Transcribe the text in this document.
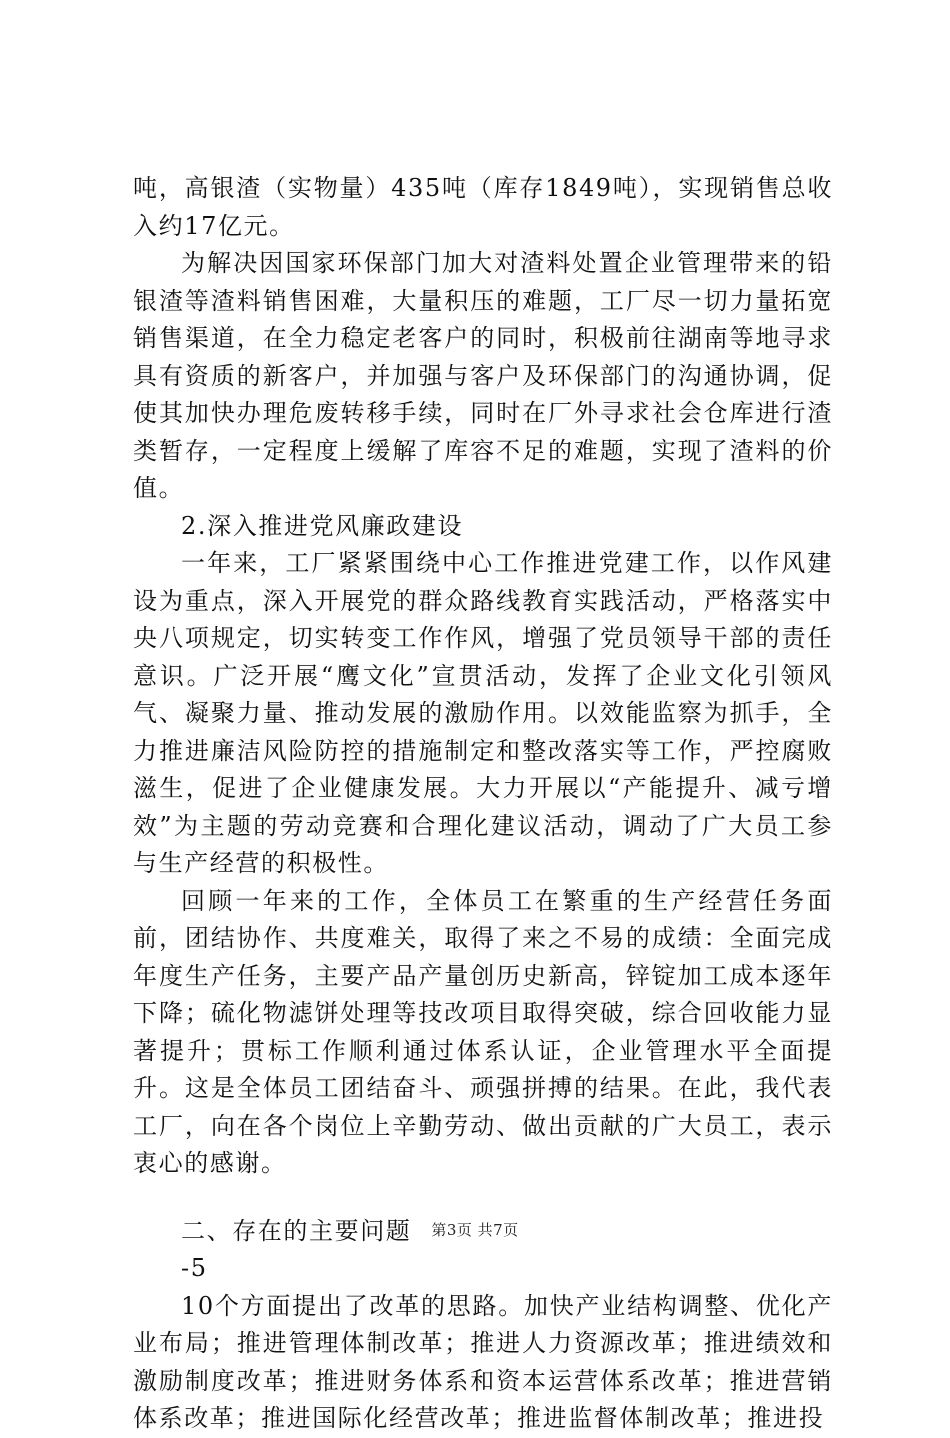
吨，高银渣（实物量）435吨（库存1849吨），实现销售总收入约17亿元。

为解决因国家环保部门加大对渣料处置企业管理带来的铅银渣等渣料销售困难，大量积压的难题，工厂尽一切力量拓宽销售渠道，在全力稳定老客户的同时，积极前往湖南等地寻求具有资质的新客户，并加强与客户及环保部门的沟通协调，促使其加快办理危废转移手续，同时在厂外寻求社会仓库进行渣类暂存，一定程度上缓解了库容不足的难题，实现了渣料的价值。

2.深入推进党风廉政建设

一年来，工厂紧紧围绕中心工作推进党建工作，以作风建设为重点，深入开展党的群众路线教育实践活动，严格落实中央八项规定，切实转变工作作风，增强了党员领导干部的责任意识。广泛开展“鹰文化”宣贯活动，发挥了企业文化引领风气、凝聚力量、推动发展的激励作用。以效能监察为抓手，全力推进廉洁风险防控的措施制定和整改落实等工作，严控腐败滋生，促进了企业健康发展。大力开展以“产能提升、减亏增效”为主题的劳动竞赛和合理化建议活动，调动了广大员工参与生产经营的积极性。

回顾一年来的工作，全体员工在繁重的生产经营任务面前，团结协作、共度难关，取得了来之不易的成绩：全面完成年度生产任务，主要产品产量创历史新高，锌锭加工成本逐年下降；硫化物滤饼处理等技改项目取得突破，综合回收能力显著提升；贯标工作顺利通过体系认证，企业管理水平全面提升。这是全体员工团结奋斗、顽强拼搏的结果。在此，我代表工厂，向在各个岗位上辛勤劳动、做出贡献的广大员工，表示衷心的感谢。

二、存在的主要问题

-5

10个方面提出了改革的思路。加快产业结构调整、优化产业布局；推进管理体制改革；推进人力资源改革；推进绩效和激励制度改革；推进财务体系和资本运营体系改革；推进营销体系改革；推进国际化经营改革；推进监督体制改革；推进投

第3页 共7页
